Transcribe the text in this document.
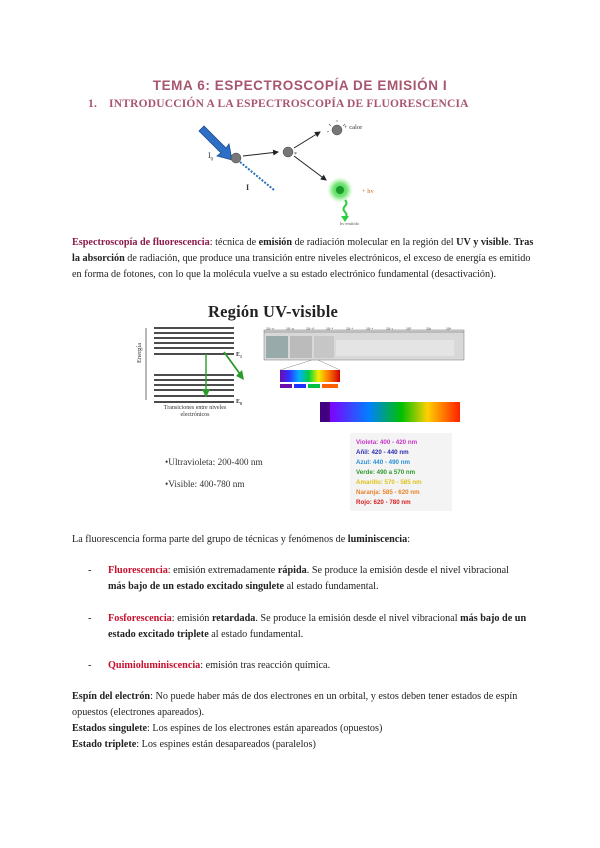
TEMA 6: ESPECTROSCOPÍA DE EMISIÓN I
1. INTRODUCCIÓN A LA ESPECTROSCOPÍA DE FLUORESCENCIA
$I_0$
I
*
+ calor
+ hv
hν emitido
Espectroscopía de fluorescencia: técnica de emisión de radiación molecular en la región del UV y visible. Tras la absorción de radiación, que produce una transición entre niveles electrónicos, el exceso de energía es emitido en forma de fotones, con lo que la molécula vuelve a su estado electrónico fundamental (desactivación).
Región UV-visible
10⁻¹⁴	10⁻¹²	10⁻¹⁰	10⁻⁸	10⁻⁶	10⁻⁴	10⁻²	10⁰	10²	10⁴
Energía
Transiciones entre niveles electrónicos
$E_1$
$E_0$
•Ultravioleta: 200-400 nm
•Visible: 400-780 nm
Violeta: 400 - 420 nm
Añil: 420 - 440 nm
Azul: 440 - 490 nm
Verde: 490 a 570 nm
Amarillo: 570 - 585 nm
Naranja: 585 - 620 nm
Rojo: 620 - 780 nm
La fluorescencia forma parte del grupo de técnicas y fenómenos de luminiscencia:
- Fluorescencia: emisión extremadamente rápida. Se produce la emisión desde el nivel vibracional más bajo de un estado excitado singulete al estado fundamental.
- Fosforescencia: emisión retardada. Se produce la emisión desde el nivel vibracional más bajo de un estado excitado triplete al estado fundamental.
- Quimioluminiscencia: emisión tras reacción química.
Espín del electrón: No puede haber más de dos electrones en un orbital, y estos deben tener estados de espín opuestos (electrones apareados).
Estados singulete: Los espines de los electrones están apareados (opuestos)
Estado triplete: Los espines están desapareados (paralelos)
